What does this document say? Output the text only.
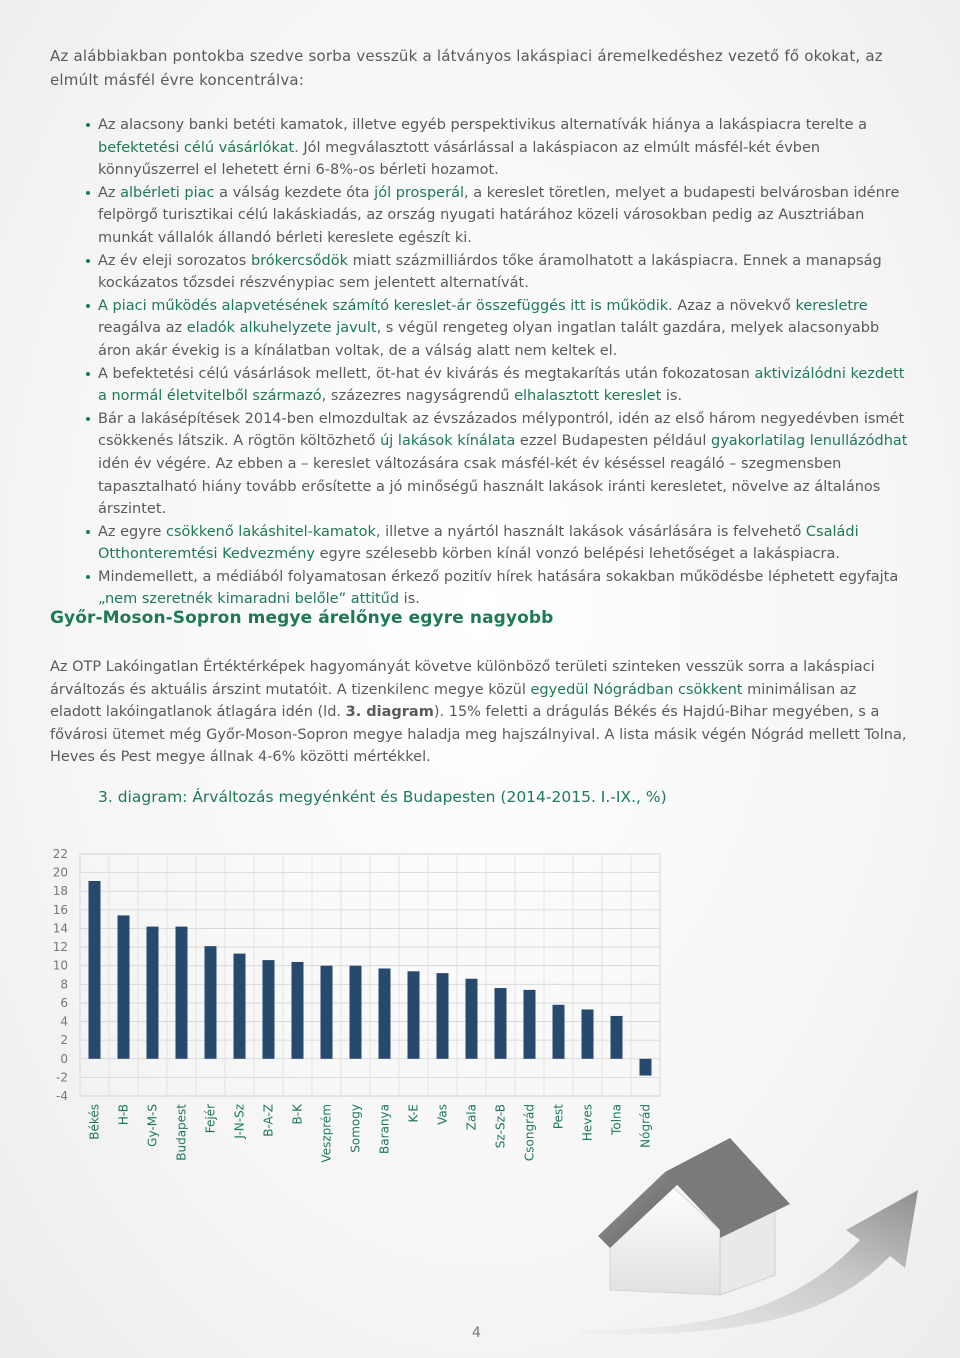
Az alábbiakban pontokba szedve sorba vesszük a látványos lakáspiaci áremelkedéshez vezető fő okokat, az elmúlt másfél évre koncentrálva:

Az alacsony banki betéti kamatok, illetve egyéb perspektivikus alternatívák hiánya a lakáspiacra terelte a befektetési célú vásárlókat. Jól megválasztott vásárlással a lakáspiacon az elmúlt másfél-két évben könnyűszerrel el lehetett érni 6-8%-os bérleti hozamot.
Az albérleti piac a válság kezdete óta jól prosperál, a kereslet töretlen, melyet a budapesti belvárosban idénre felpörgő turisztikai célú lakáskiadás, az ország nyugati határához közeli városokban pedig az Ausztriában munkát vállalók állandó bérleti kereslete egészít ki.
Az év eleji sorozatos brókercsődök miatt százmilliárdos tőke áramolhatott a lakáspiacra. Ennek a manapság kockázatos tőzsdei részvénypiac sem jelentett alternatívát.
A piaci működés alapvetésének számító kereslet-ár összefüggés itt is működik. Azaz a növekvő keresletre reagálva az eladók alkuhelyzete javult, s végül rengeteg olyan ingatlan talált gazdára, melyek alacsonyabb áron akár évekig is a kínálatban voltak, de a válság alatt nem keltek el.
A befektetési célú vásárlások mellett, öt-hat év kivárás és megtakarítás után fokozatosan aktivizálódni kezdett a normál életvitelből származó, százezres nagyságrendű elhalasztott kereslet is.
Bár a lakásépítések 2014-ben elmozdultak az évszázados mélypontról, idén az első három negyedévben ismét csökkenés látszik. A rögtön költözhető új lakások kínálata ezzel Budapesten például gyakorlatilag lenullázódhat idén év végére. Az ebben a – kereslet változására csak másfél-két év késéssel reagáló – szegmensben tapasztalható hiány tovább erősítette a jó minőségű használt lakások iránti keresletet, növelve az általános árszintet.
Az egyre csökkenő lakáshitel-kamatok, illetve a nyártól használt lakások vásárlására is felvehető Családi Otthonteremtési Kedvezmény egyre szélesebb körben kínál vonzó belépési lehetőséget a lakáspiacra.
Mindemellett, a médiából folyamatosan érkező pozitív hírek hatására sokakban működésbe léphetett egyfajta „nem szeretnék kimaradni belőle” attitűd is.
Győr-Moson-Sopron megye árelőnye egyre nagyobb

Az OTP Lakóingatlan Értéktérképek hagyományát követve különböző területi szinteken vesszük sorra a lakáspiaci árváltozás és aktuális árszint mutatóit. A tizenkilenc megye közül egyedül Nógrádban csökkent minimálisan az eladott lakóingatlanok átlagára idén (ld. 3. diagram). 15% feletti a drágulás Békés és Hajdú-Bihar megyében, s a fővárosi ütemet még Győr-Moson-Sopron megye haladja meg hajszálnyival. A lista másik végén Nógrád mellett Tolna, Heves és Pest megye állnak 4-6% közötti mértékkel.

3. diagram: Árváltozás megyénként és Budapesten (2014-2015. I.-IX., %)

22
20
18
16
14
12
10
8
6
4
2
0
-2
-4
Békés H-B Gy-M-S Budapest Fejér J-N-Sz B-A-Z B-K Veszprém Somogy Baranya K-E Vas Zala Sz-Sz-B Csongrád Pest Heves Tolna Nógrád
4
